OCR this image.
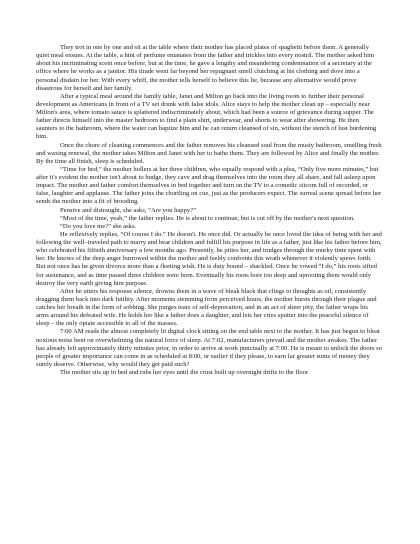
They trot in one by one and sit at the table where their mother has placed plates of spaghetti before them. A generally quiet meal ensues. At the table, a hint of perfume emanates from the father and trickles into every nostril. The mother asked him about his incriminating scent once before, but at the time, he gave a lengthy and meandering condemnation of a secretary at the office where he works as a janitor. His tirade went far beyond her repugnant smell clutching at his clothing and dove into a personal disdain for her. With every whiff, the mother tells herself to believe this lie, because any alternative would prove disastrous for herself and her family.

After a typical meal around the family table, Janet and Milton go back into the living room to further their personal development as Americans in front of a TV set drunk with false idols. Alice stays to help the mother clean up – especially near Milton's area, where tomato sauce is splattered indiscriminately about, which had been a source of grievance during supper. The father directs himself into the master bedroom to find a plain shirt, underwear, and shorts to wear after showering. He then saunters to the bathroom, where the water can baptize him and he can return cleansed of sin, without the stench of lust burdening him.

Once the chore of cleaning commences and the father removes his cleansed soul from the musty bathroom, smelling fresh and waxing renewal, the mother takes Milton and Janet with her to bathe them. They are followed by Alice and finally the mother. By the time all finish, sleep is scheduled.

“Time for bed,” the mother hollers at her three children, who equally respond with a plea, “Only five more minutes,” but after it's evident the mother isn't about to budge, they cave and drag themselves into the room they all share, and fall asleep upon impact. The mother and father comfort themselves in bed together and turn on the TV to a comedic sitcom full of recorded, or false, laughter and applause. The father joins the chortling on cue, just as the producers expect. The surreal scene spread before her sends the mother into a fit of brooding.

Pensive and distraught, she asks, “Are you happy?”

“Most of the time, yeah,” the father replies. He is about to continue, but is cut off by the mother's next question.

“Do you love me?” she asks.

He reflexively replies, “Of course I do.” He doesn't. He once did. Or actually he once loved the idea of being with her and following the well–traveled path to marry and bear children and fulfill his purpose in life as a father, just like his father before him, who celebrated his fiftieth anniversary a few months ago. Presently, he pities her, and trudges through the murky time spent with her. He knows of the deep anger burrowed within the mother and feebly confronts this wrath whenever it violently spews forth. But not once has he given divorce more than a fleeting wish. He is duty bound – shackled. Once he vowed “I do,” his roots sifted for sustenance, and as time passed three children were born. Eventually his roots bore too deep and uprooting them would only destroy the very earth giving him purpose.

After he utters his response silence, drowns them in a wave of bleak black that clings to thoughts as oil, consistently dragging them back into dark futility. After moments stemming from perceived hours, the mother bursts through their plague and catches her breath in the form of sobbing. She purges tears of self-deprecation, and in an act of sheer pity, the father wraps his arms around his defeated wife. He holds her like a father does a daughter, and lets her cries sputter into the peaceful silence of sleep – the only opiate accessible to all of the masses.

7:00 AM reads the almost completely lit digital clock sitting on the end table next to the mother. It has just begun to bleat noxious noise bent on overwhelming the natural force of sleep. At 7:02, manufacturers prevail and the mother awakes. The father has already left approximately thirty minutes prior, in order to arrive at work punctually at 7:00. He is meant to unlock the doors so people of greater importance can come in as scheduled at 8:00, or earlier if they please, to earn far greater sums of money they surely deserve. Otherwise, why would they get paid such?

The mother sits up in bed and rubs her eyes until the crust built up overnight drifts to the floor
